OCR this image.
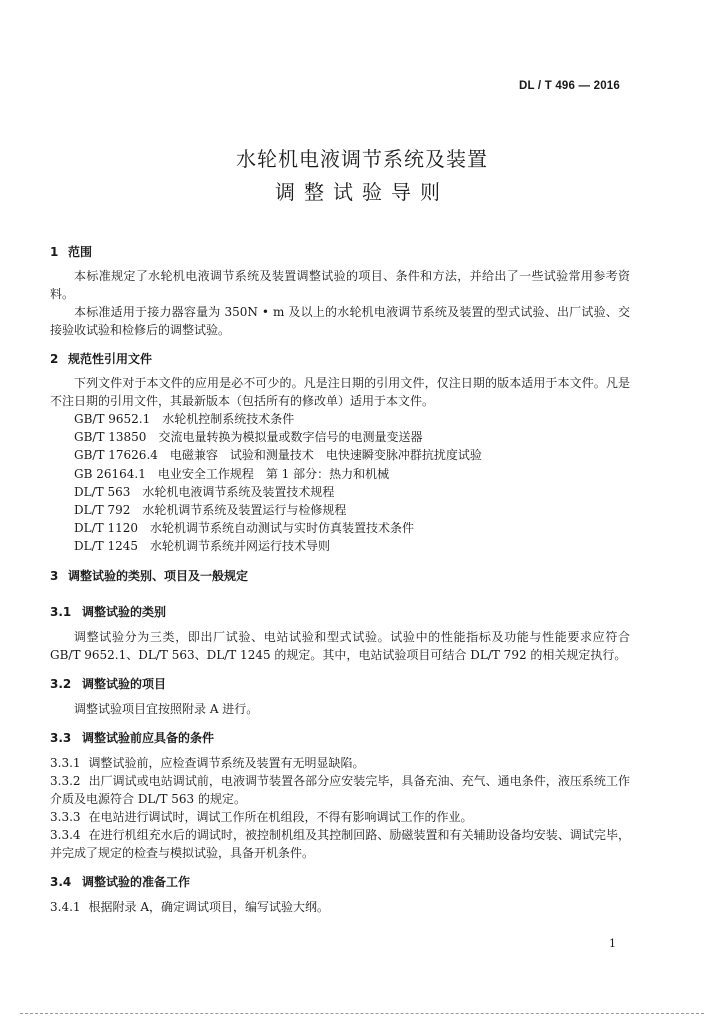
DL / T 496 — 2016
水轮机电液调节系统及装置
调整试验导则
1 范围
本标准规定了水轮机电液调节系统及装置调整试验的项目、条件和方法，并给出了一些试验常用参考资料。
本标准适用于接力器容量为 350N • m 及以上的水轮机电液调节系统及装置的型式试验、出厂试验、交接验收试验和检修后的调整试验。
2 规范性引用文件
下列文件对于本文件的应用是必不可少的。凡是注日期的引用文件，仅注日期的版本适用于本文件。凡是不注日期的引用文件，其最新版本（包括所有的修改单）适用于本文件。
GB/T 9652.1　水轮机控制系统技术条件
GB/T 13850　交流电量转换为模拟量或数字信号的电测量变送器
GB/T 17626.4　电磁兼容　试验和测量技术　电快速瞬变脉冲群抗扰度试验
GB 26164.1　电业安全工作规程　第 1 部分：热力和机械
DL/T 563　水轮机电液调节系统及装置技术规程
DL/T 792　水轮机调节系统及装置运行与检修规程
DL/T 1120　水轮机调节系统自动测试与实时仿真装置技术条件
DL/T 1245　水轮机调节系统并网运行技术导则
3 调整试验的类别、项目及一般规定
3.1 调整试验的类别
调整试验分为三类，即出厂试验、电站试验和型式试验。试验中的性能指标及功能与性能要求应符合 GB/T 9652.1、DL/T 563、DL/T 1245 的规定。其中，电站试验项目可结合 DL/T 792 的相关规定执行。
3.2 调整试验的项目
调整试验项目宜按照附录 A 进行。
3.3 调整试验前应具备的条件
3.3.1 调整试验前，应检查调节系统及装置有无明显缺陷。
3.3.2 出厂调试或电站调试前，电液调节装置各部分应安装完毕，具备充油、充气、通电条件，液压系统工作介质及电源符合 DL/T 563 的规定。
3.3.3 在电站进行调试时，调试工作所在机组段，不得有影响调试工作的作业。
3.3.4 在进行机组充水后的调试时，被控制机组及其控制回路、励磁装置和有关辅助设备均安装、调试完毕，并完成了规定的检查与模拟试验，具备开机条件。
3.4 调整试验的准备工作
3.4.1 根据附录 A，确定调试项目，编写试验大纲。
1
